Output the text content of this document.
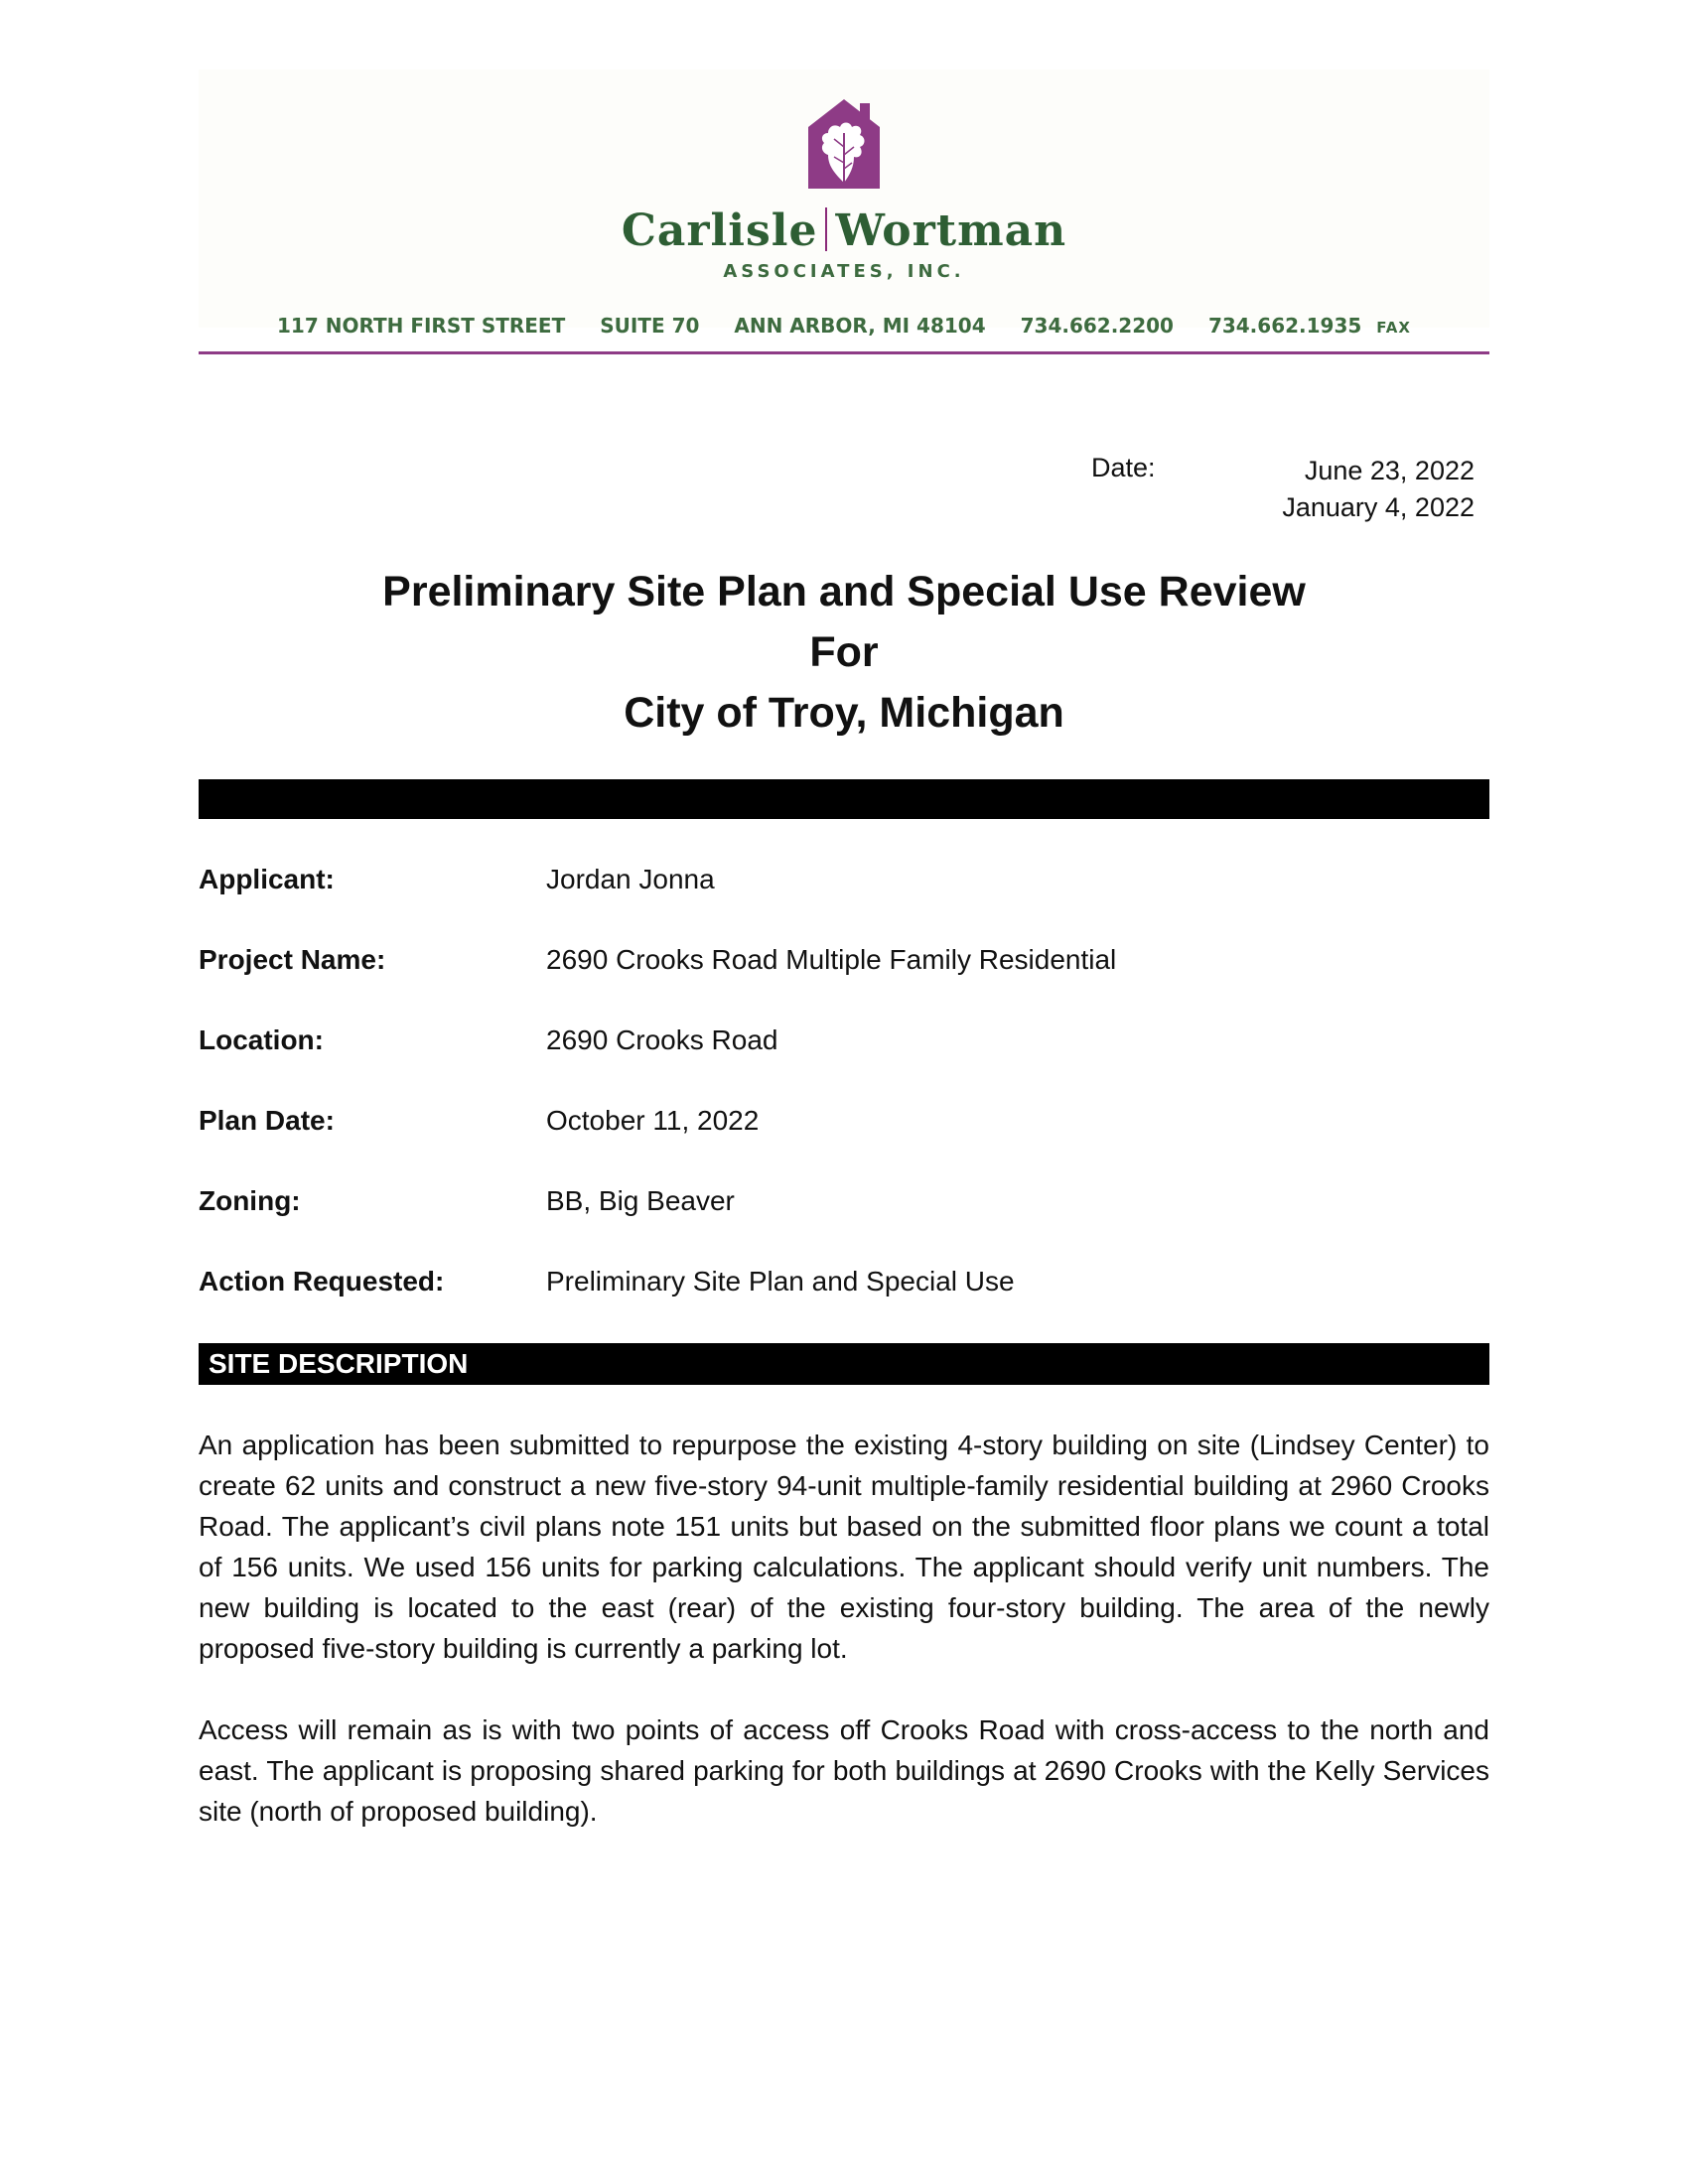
Carlisle Wortman
ASSOCIATES, INC.
117 NORTH FIRST STREET SUITE 70 ANN ARBOR, MI 48104 734.662.2200 734.662.1935 FAX
Date:	June 23, 2022
January 4, 2022
Preliminary Site Plan and Special Use Review
For
City of Troy, Michigan
Applicant:	Jordan Jonna
Project Name:	2690 Crooks Road Multiple Family Residential
Location:	2690 Crooks Road
Plan Date:	October 11, 2022
Zoning:	BB, Big Beaver
Action Requested:	Preliminary Site Plan and Special Use
SITE DESCRIPTION

An application has been submitted to repurpose the existing 4-story building on site (Lindsey Center) to create 62 units and construct a new five-story 94-unit multiple-family residential building at 2960 Crooks Road. The applicant’s civil plans note 151 units but based on the submitted floor plans we count a total of 156 units. We used 156 units for parking calculations. The applicant should verify unit numbers. The new building is located to the east (rear) of the existing four-story building. The area of the newly proposed five-story building is currently a parking lot.

Access will remain as is with two points of access off Crooks Road with cross-access to the north and east. The applicant is proposing shared parking for both buildings at 2690 Crooks with the Kelly Services site (north of proposed building).
